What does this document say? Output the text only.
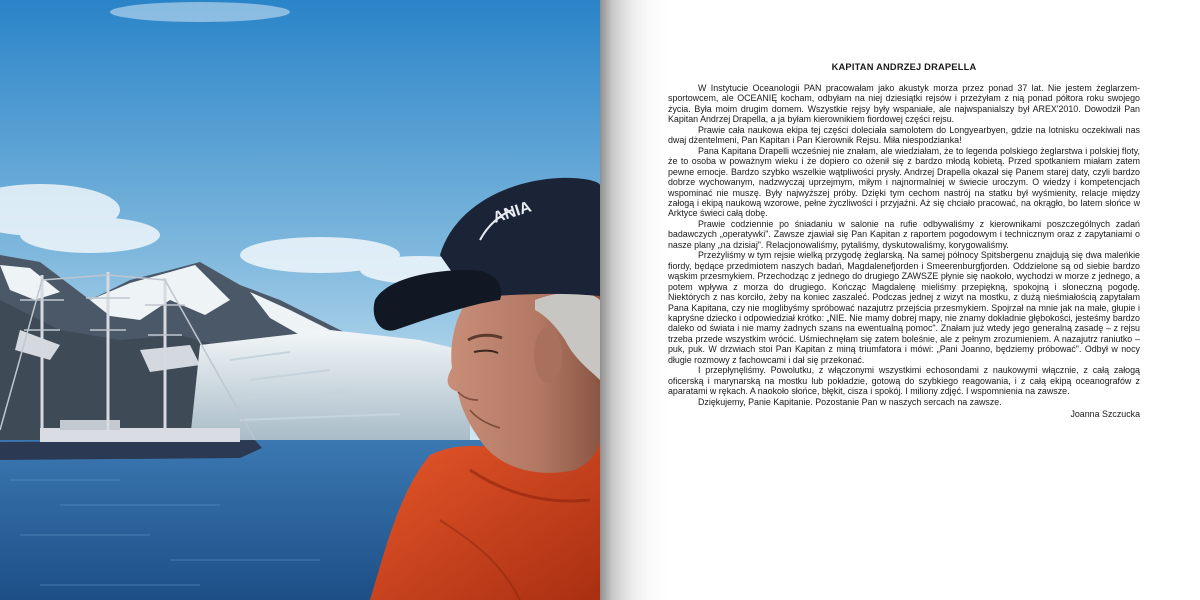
ANIA
KAPITAN ANDRZEJ DRAPELLA

W Instytucie Oceanologii PAN pracowałam jako akustyk morza przez ponad 37 lat. Nie jestem żeglarzem-sportowcem, ale OCEANIĘ kocham, odbyłam na niej dziesiątki rejsów i przeżyłam z nią ponad półtora roku swojego życia. Była moim drugim domem. Wszystkie rejsy były wspaniałe, ale najwspanialszy był AREX'2010. Dowodził Pan Kapitan Andrzej Drapella, a ja byłam kierownikiem fiordowej części rejsu.

Prawie cała naukowa ekipa tej części doleciała samolotem do Longyearbyen, gdzie na lotnisku oczekiwali nas dwaj dżentelmeni, Pan Kapitan i Pan Kierownik Rejsu. Miła niespodzianka!

Pana Kapitana Drapelli wcześniej nie znałam, ale wiedziałam, że to legenda polskiego żeglarstwa i polskiej floty, że to osoba w poważnym wieku i że dopiero co ożenił się z bardzo młodą kobietą. Przed spotkaniem miałam zatem pewne emocje. Bardzo szybko wszelkie wątpliwości prysły. Andrzej Drapella okazał się Panem starej daty, czyli bardzo dobrze wychowanym, nadzwyczaj uprzejmym, miłym i najnormalniej w świecie uroczym. O wiedzy i kompetencjach wspominać nie muszę. Były najwyższej próby. Dzięki tym cechom nastrój na statku był wyśmienity, relacje między załogą i ekipą naukową wzorowe, pełne życzliwości i przyjaźni. Aż się chciało pracować, na okrągło, bo latem słońce w Arktyce świeci całą dobę.

Prawie codziennie po śniadaniu w salonie na rufie odbywaliśmy z kierownikami poszczególnych zadań badawczych „operatywki". Zawsze zjawiał się Pan Kapitan z raportem pogodowym i technicznym oraz z zapytaniami o nasze plany „na dzisiaj". Relacjonowaliśmy, pytaliśmy, dyskutowaliśmy, korygowaliśmy.

Przeżyliśmy w tym rejsie wielką przygodę żeglarską. Na samej północy Spitsbergenu znajdują się dwa maleńkie fiordy, będące przedmiotem naszych badań, Magdalenefjorden i Smeerenburgfjorden. Oddzielone są od siebie bardzo wąskim przesmykiem. Przechodząc z jednego do drugiego ZAWSZE płynie się naokoło, wychodzi w morze z jednego, a potem wpływa z morza do drugiego. Kończąc Magdalenę mieliśmy przepiękną, spokojną i słoneczną pogodę. Niektórych z nas korciło, żeby na koniec zaszaleć. Podczas jednej z wizyt na mostku, z dużą nieśmiałością zapytałam Pana Kapitana, czy nie moglibyśmy spróbować nazajutrz przejścia przesmykiem. Spojrzał na mnie jak na małe, głupie i kapryśne dziecko i odpowiedział krótko: „NIE. Nie mamy dobrej mapy, nie znamy dokładnie głębokości, jesteśmy bardzo daleko od świata i nie mamy żadnych szans na ewentualną pomoc". Znałam już wtedy jego generalną zasadę – z rejsu trzeba przede wszystkim wrócić. Uśmiechnęłam się zatem boleśnie, ale z pełnym zrozumieniem. A nazajutrz raniutko – puk, puk. W drzwiach stoi Pan Kapitan z miną triumfatora i mówi: „Pani Joanno, będziemy próbować". Odbył w nocy długie rozmowy z fachowcami i dał się przekonać.

I przepłynęliśmy. Powolutku, z włączonymi wszystkimi echosondami z naukowymi włącznie, z całą załogą oficerską i marynarską na mostku lub pokładzie, gotową do szybkiego reagowania, i z całą ekipą oceanografów z aparatami w rękach. A naokoło słońce, błękit, cisza i spokój. I miliony zdjęć. I wspomnienia na zawsze.

Dziękujemy, Panie Kapitanie. Pozostanie Pan w naszych sercach na zawsze.

Joanna Szczucka
